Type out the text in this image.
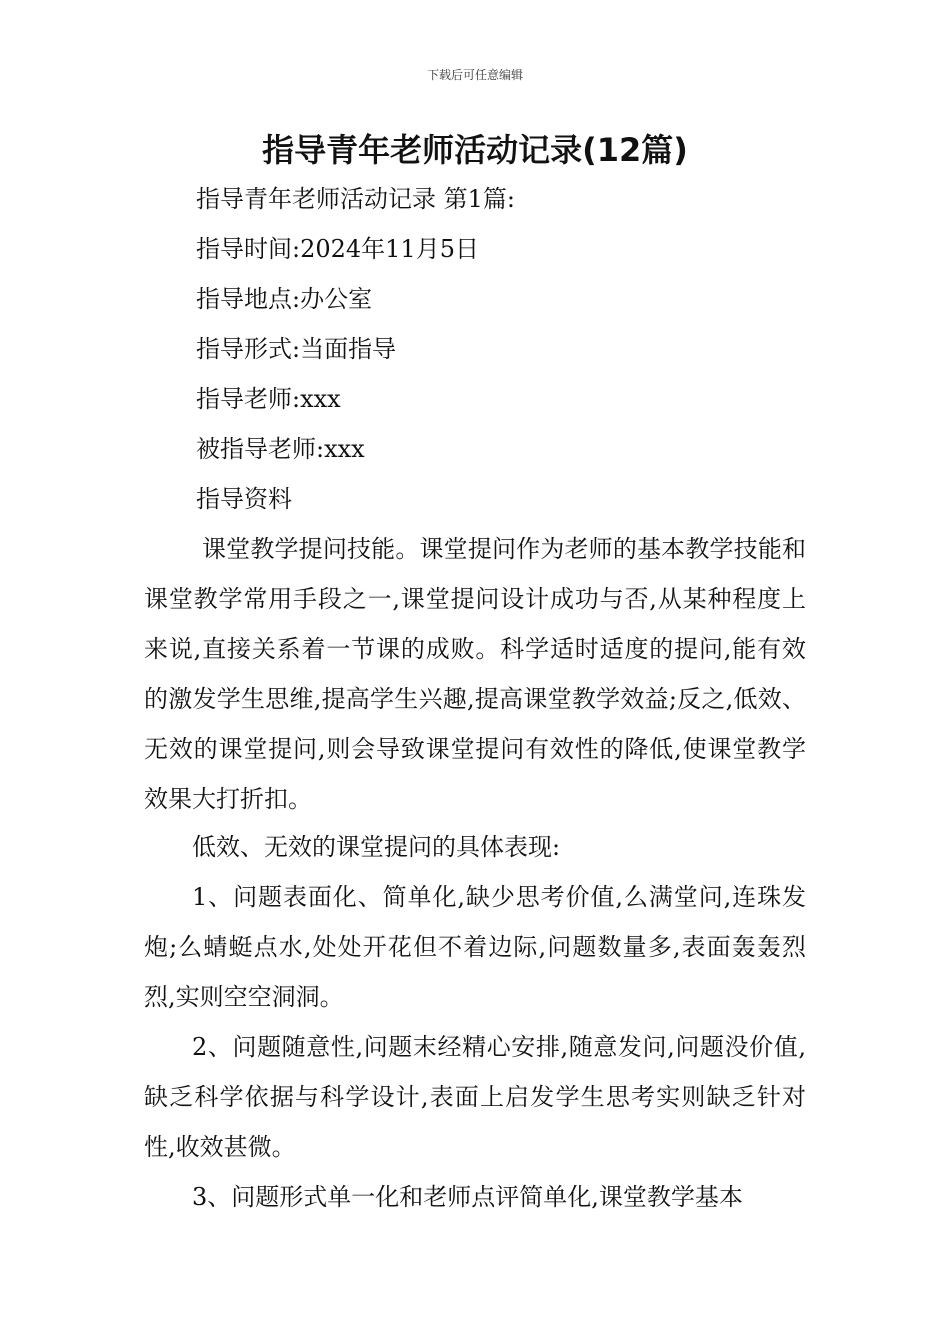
下载后可任意编辑
指导青年老师活动记录(12篇)
指导青年老师活动记录 第1篇:
指导时间:2024年11月5日
指导地点:办公室
指导形式:当面指导
指导老师:xxx
被指导老师:xxx
指导资料
课堂教学提问技能。课堂提问作为老师的基本教学技能和课堂教学常用手段之一,课堂提问设计成功与否,从某种程度上来说,直接关系着一节课的成败。科学适时适度的提问,能有效的激发学生思维,提高学生兴趣,提高课堂教学效益;反之,低效、无效的课堂提问,则会导致课堂提问有效性的降低,使课堂教学效果大打折扣。
低效、无效的课堂提问的具体表现:
1、问题表面化、简单化,缺少思考价值,么满堂问,连珠发炮;么蜻蜓点水,处处开花但不着边际,问题数量多,表面轰轰烈烈,实则空空洞洞。
2、问题随意性,问题末经精心安排,随意发问,问题没价值,缺乏科学依据与科学设计,表面上启发学生思考实则缺乏针对性,收效甚微。
3、问题形式单一化和老师点评简单化,课堂教学基本
